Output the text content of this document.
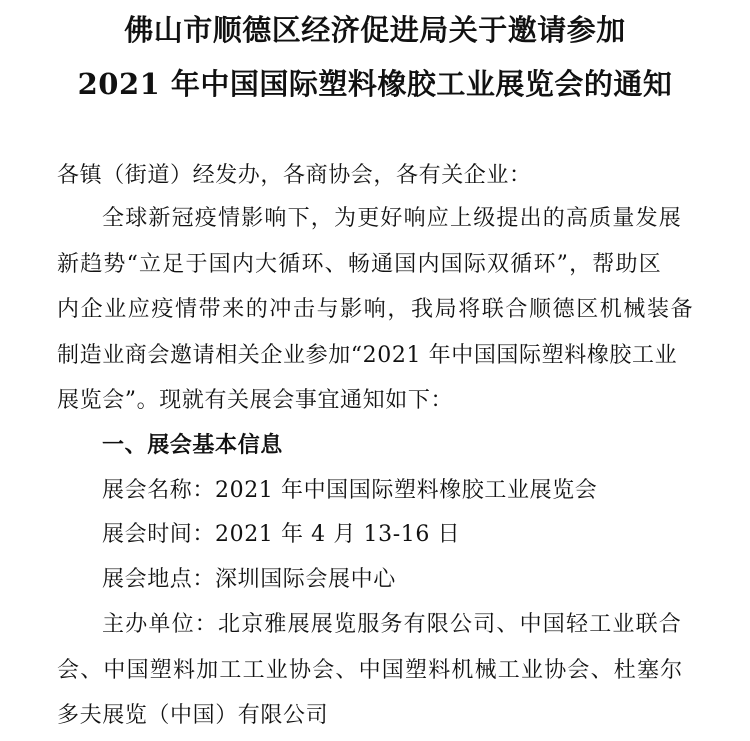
佛山市顺德区经济促进局关于邀请参加
2021 年中国国际塑料橡胶工业展览会的通知
各镇（街道）经发办，各商协会，各有关企业：
全球新冠疫情影响下，为更好响应上级提出的高质量发展
新趋势“立足于国内大循环、畅通国内国际双循环”，帮助区
内企业应疫情带来的冲击与影响，我局将联合顺德区机械装备
制造业商会邀请相关企业参加“2021 年中国国际塑料橡胶工业
展览会”。现就有关展会事宜通知如下：
一、展会基本信息
展会名称：2021 年中国国际塑料橡胶工业展览会
展会时间：2021 年 4 月 13-16 日
展会地点：深圳国际会展中心
主办单位：北京雅展展览服务有限公司、中国轻工业联合
会、中国塑料加工工业协会、中国塑料机械工业协会、杜塞尔
多夫展览（中国）有限公司
